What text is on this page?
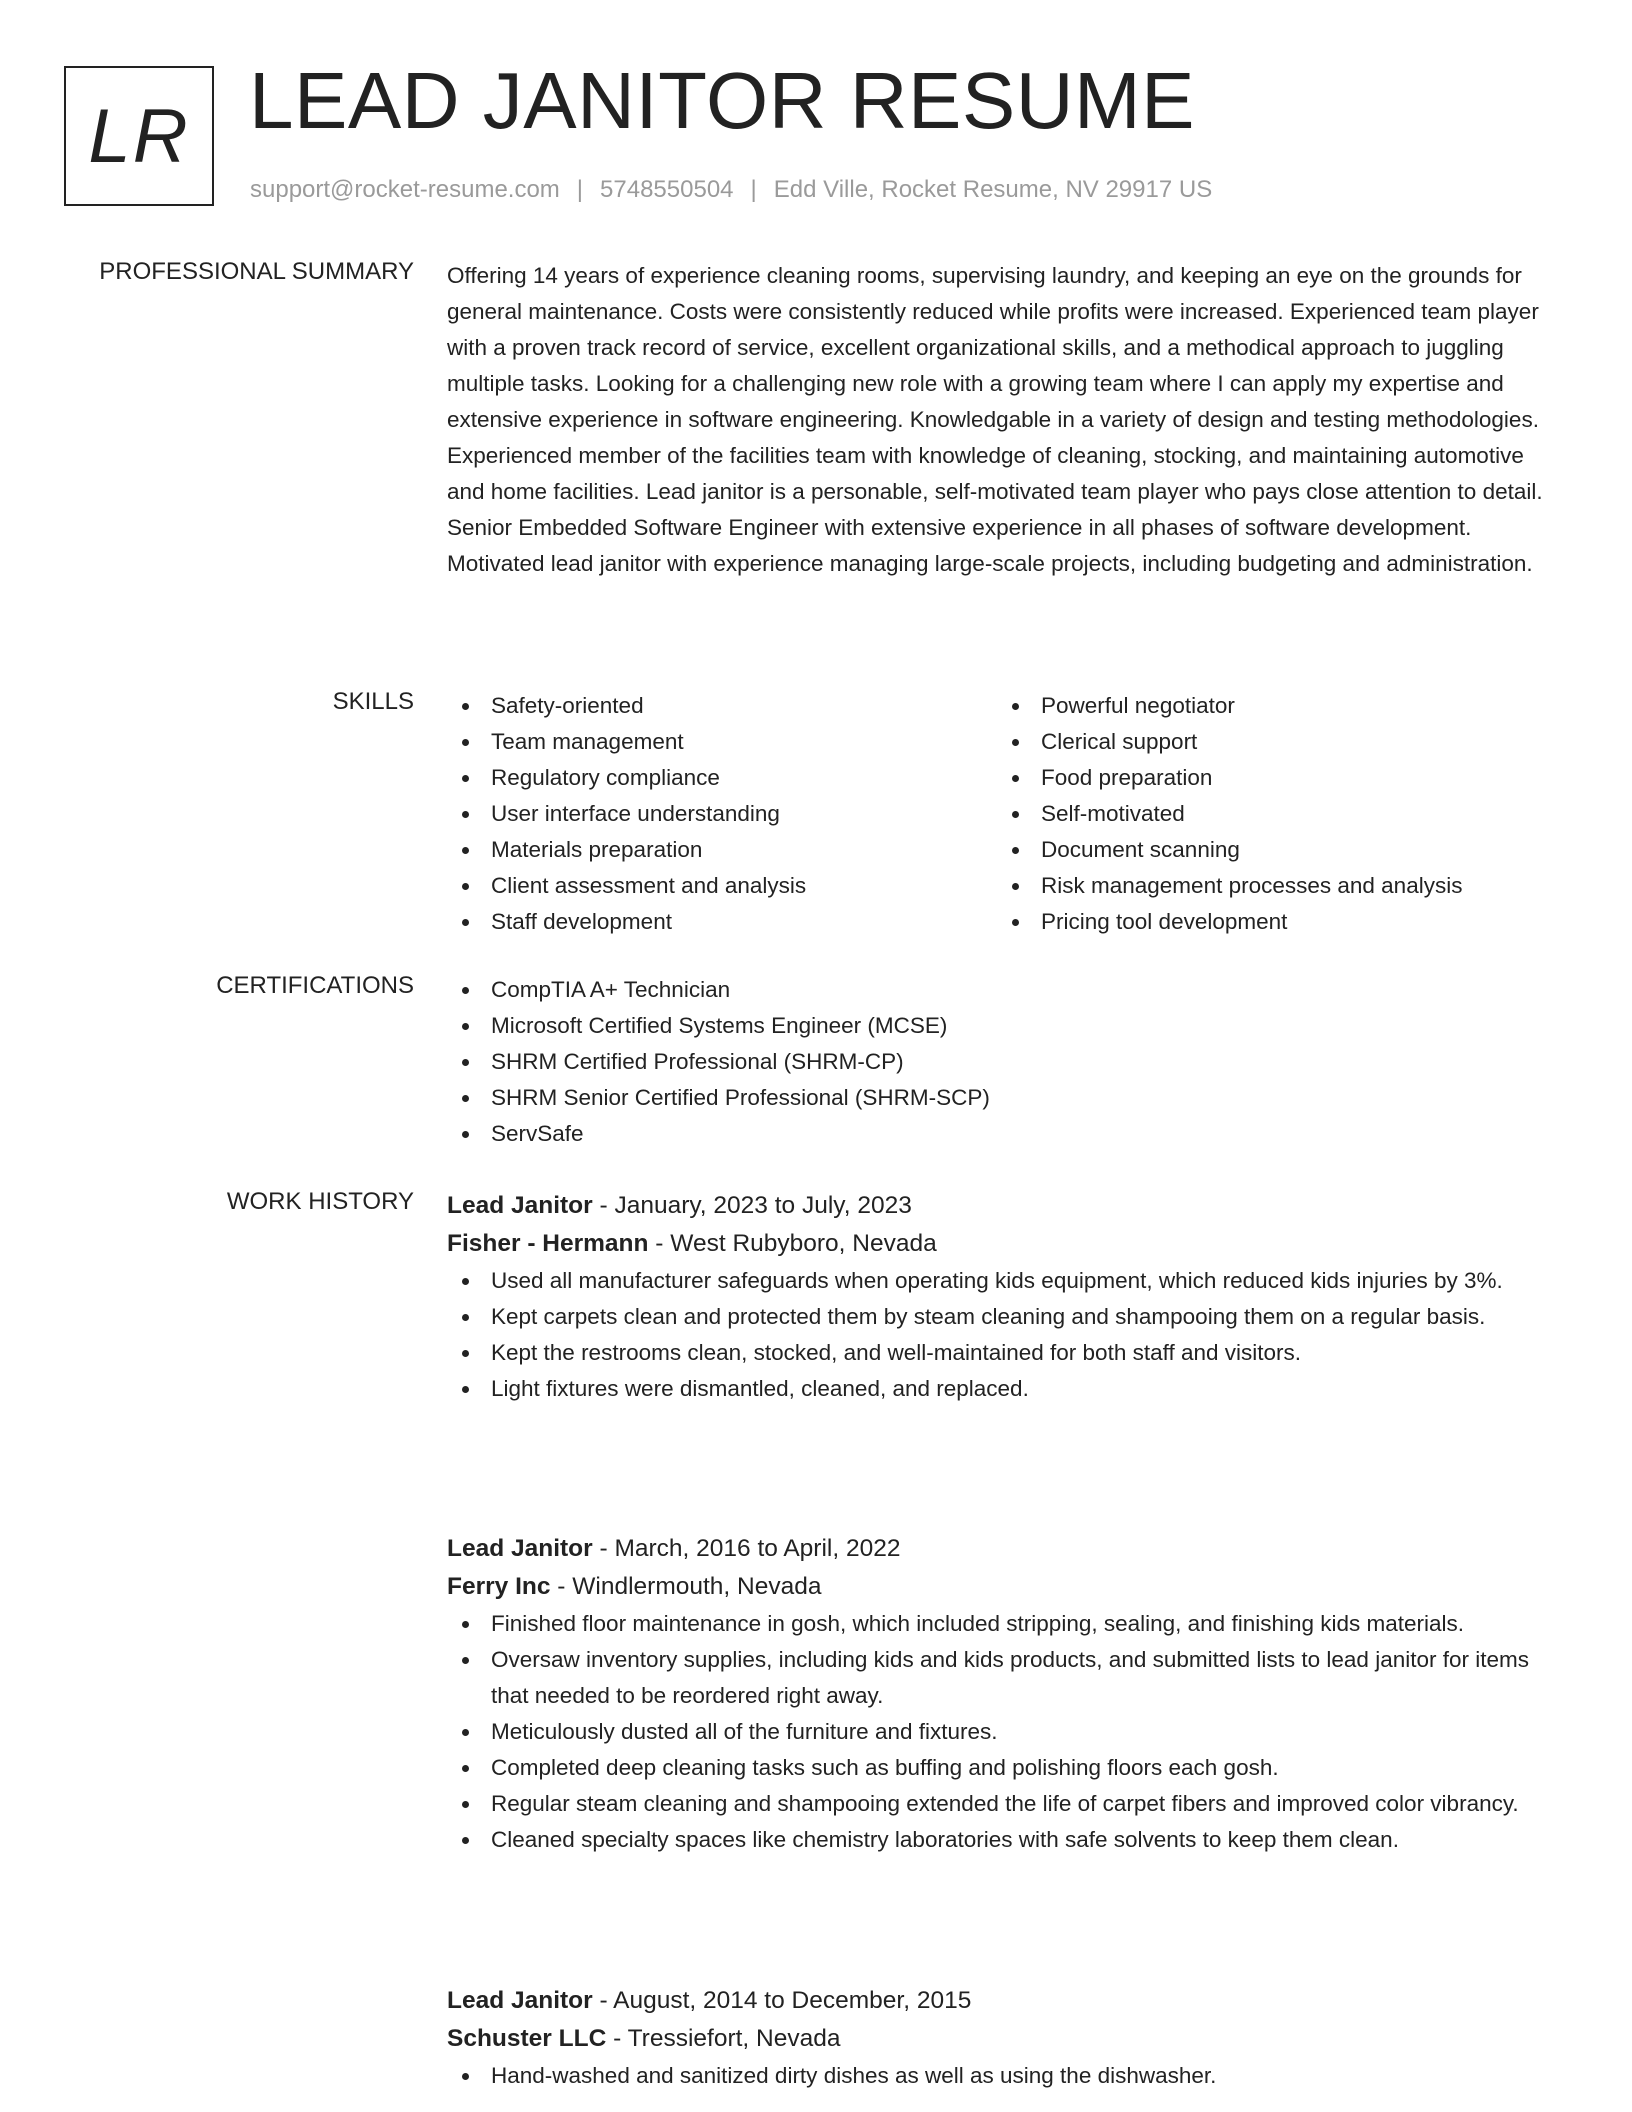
LR LEAD JANITOR RESUME
support@rocket-resume.com | 5748550504 | Edd Ville, Rocket Resume, NV 29917 US
PROFESSIONAL SUMMARY Offering 14 years of experience cleaning rooms, supervising laundry, and keeping an eye on the grounds for general maintenance. Costs were consistently reduced while profits were increased. Experienced team player with a proven track record of service, excellent organizational skills, and a methodical approach to juggling multiple tasks. Looking for a challenging new role with a growing team where I can apply my expertise and extensive experience in software engineering. Knowledgable in a variety of design and testing methodologies. Experienced member of the facilities team with knowledge of cleaning, stocking, and maintaining automotive and home facilities. Lead janitor is a personable, self-motivated team player who pays close attention to detail. Senior Embedded Software Engineer with extensive experience in all phases of software development. Motivated lead janitor with experience managing large-scale projects, including budgeting and administration.

SKILLS	Safety-oriented
Team management
Regulatory compliance
User interface understanding
Materials preparation
Client assessment and analysis
Staff development
Powerful negotiator
Clerical support
Food preparation
Self-motivated
Document scanning
Risk management processes and analysis
Pricing tool development
CERTIFICATIONS	CompTIA A+ Technician
Microsoft Certified Systems Engineer (MCSE)
SHRM Certified Professional (SHRM-CP)
SHRM Senior Certified Professional (SHRM-SCP)
ServSafe
WORK HISTORY Lead Janitor - January, 2023 to July, 2023
Fisher - Hermann - West Rubyboro, Nevada
Used all manufacturer safeguards when operating kids equipment, which reduced kids injuries by 3%.
Kept carpets clean and protected them by steam cleaning and shampooing them on a regular basis.
Kept the restrooms clean, stocked, and well-maintained for both staff and visitors.
Light fixtures were dismantled, cleaned, and replaced.
Lead Janitor - March, 2016 to April, 2022
Ferry Inc - Windlermouth, Nevada
Finished floor maintenance in gosh, which included stripping, sealing, and finishing kids materials.
Oversaw inventory supplies, including kids and kids products, and submitted lists to lead janitor for items that needed to be reordered right away.
Meticulously dusted all of the furniture and fixtures.
Completed deep cleaning tasks such as buffing and polishing floors each gosh.
Regular steam cleaning and shampooing extended the life of carpet fibers and improved color vibrancy.
Cleaned specialty spaces like chemistry laboratories with safe solvents to keep them clean.
Lead Janitor - August, 2014 to December, 2015
Schuster LLC - Tressiefort, Nevada
Hand-washed and sanitized dirty dishes as well as using the dishwasher.
